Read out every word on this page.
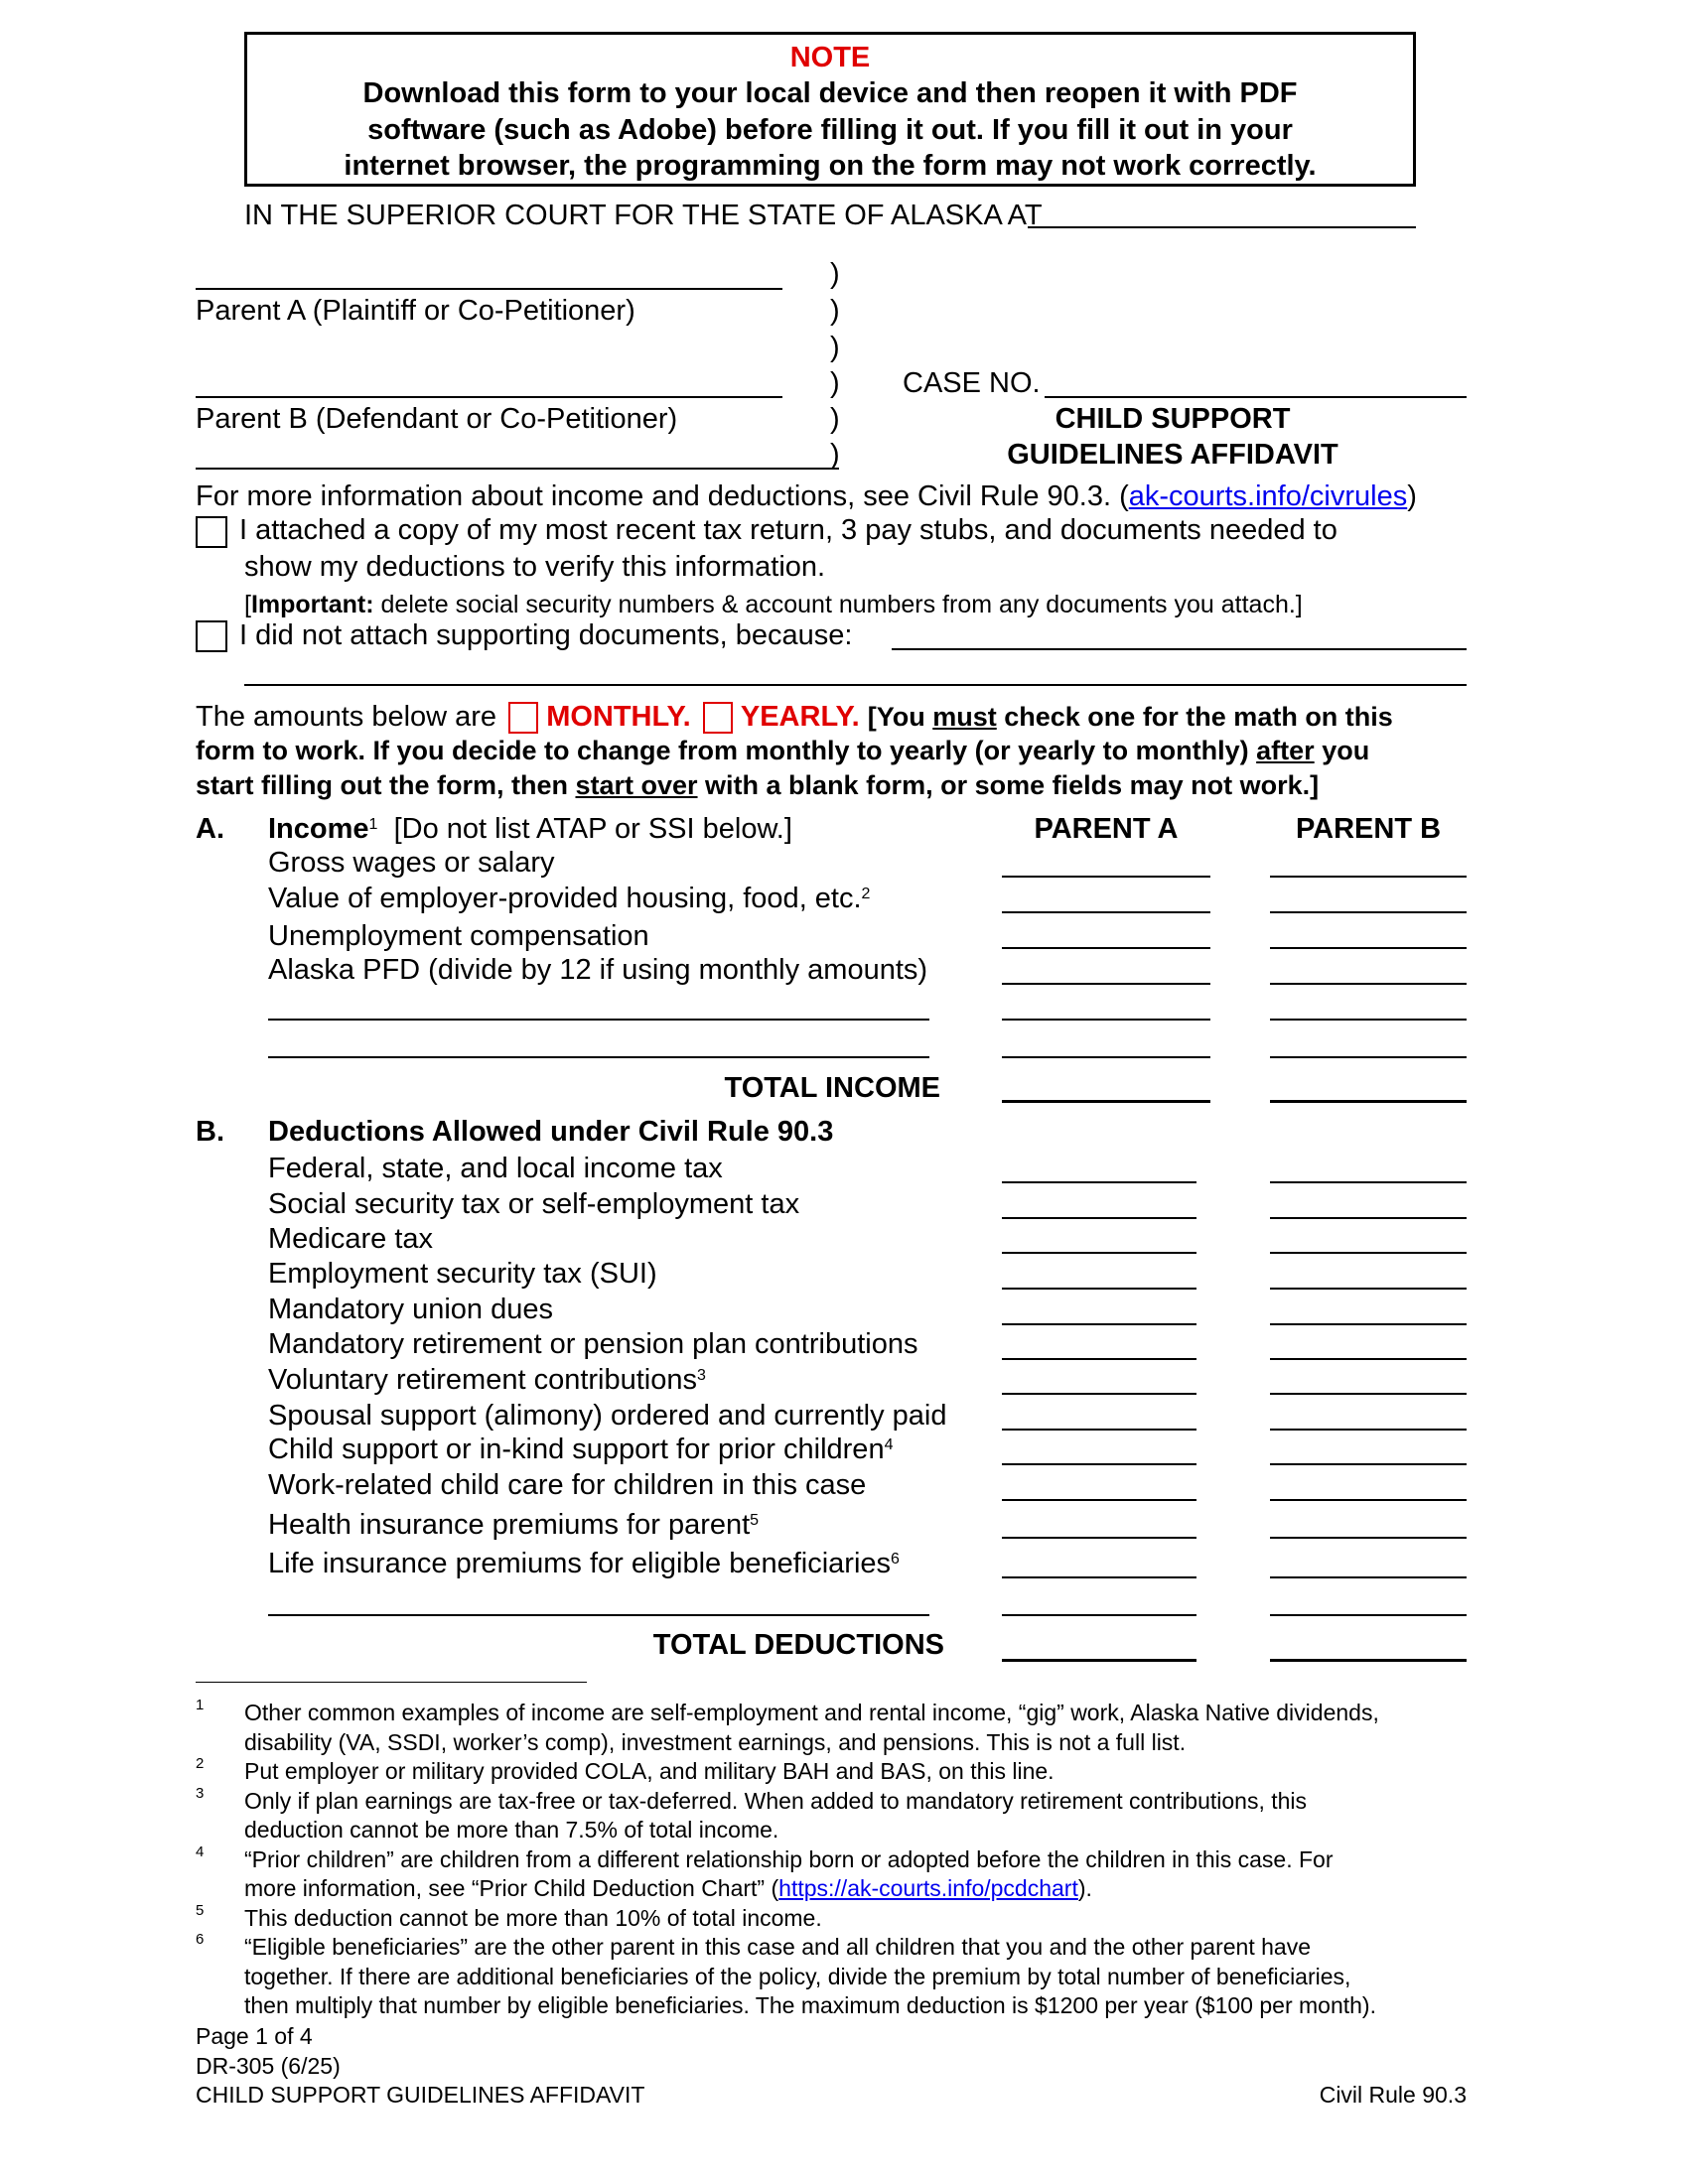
NOTE
Download this form to your local device and then reopen it with PDF
software (such as Adobe) before filling it out. If you fill it out in your
internet browser, the programming on the form may not work correctly.
IN THE SUPERIOR COURT FOR THE STATE OF ALASKA AT
Parent A (Plaintiff or Co-Petitioner)
Parent B (Defendant or Co-Petitioner)
)
)
)
)
)
)
CASE NO.
CHILD SUPPORT
GUIDELINES AFFIDAVIT
For more information about income and deductions, see Civil Rule 90.3. (ak-courts.info/civrules)
I attached a copy of my most recent tax return, 3 pay stubs, and documents needed to
show my deductions to verify this information.
[Important: delete social security numbers & account numbers from any documents you attach.]
I did not attach supporting documents, because:
The amounts below are MONTHLY. YEARLY. [You must check one for the math on this
form to work. If you decide to change from monthly to yearly (or yearly to monthly) after you
start filling out the form, then start over with a blank form, or some fields may not work.]
A. Income$^1$ [Do not list ATAP or SSI below.]	PARENT A	PARENT B
Gross wages or salary
Value of employer-provided housing, food, etc.$^2$
Unemployment compensation
Alaska PFD (divide by 12 if using monthly amounts)
TOTAL INCOME
B. Deductions Allowed under Civil Rule 90.3
Federal, state, and local income tax
Social security tax or self-employment tax
Medicare tax
Employment security tax (SUI)
Mandatory union dues
Mandatory retirement or pension plan contributions
Voluntary retirement contributions$^3$
Spousal support (alimony) ordered and currently paid
Child support or in-kind support for prior children$^4$
Work-related child care for children in this case
Health insurance premiums for parent$^5$
Life insurance premiums for eligible beneficiaries$^6$
TOTAL DEDUCTIONS
1 Other common examples of income are self-employment and rental income, “gig” work, Alaska Native dividends,
disability (VA, SSDI, worker’s comp), investment earnings, and pensions. This is not a full list.
2 Put employer or military provided COLA, and military BAH and BAS, on this line.
3 Only if plan earnings are tax-free or tax-deferred. When added to mandatory retirement contributions, this
deduction cannot be more than 7.5% of total income.
4 “Prior children” are children from a different relationship born or adopted before the children in this case. For
more information, see “Prior Child Deduction Chart” (https://ak-courts.info/pcdchart).
5 This deduction cannot be more than 10% of total income.
6 “Eligible beneficiaries” are the other parent in this case and all children that you and the other parent have
together. If there are additional beneficiaries of the policy, divide the premium by total number of beneficiaries,
then multiply that number by eligible beneficiaries. The maximum deduction is $1200 per year ($100 per month).
Page 1 of 4
DR-305 (6/25)
CHILD SUPPORT GUIDELINES AFFIDAVIT	Civil Rule 90.3
